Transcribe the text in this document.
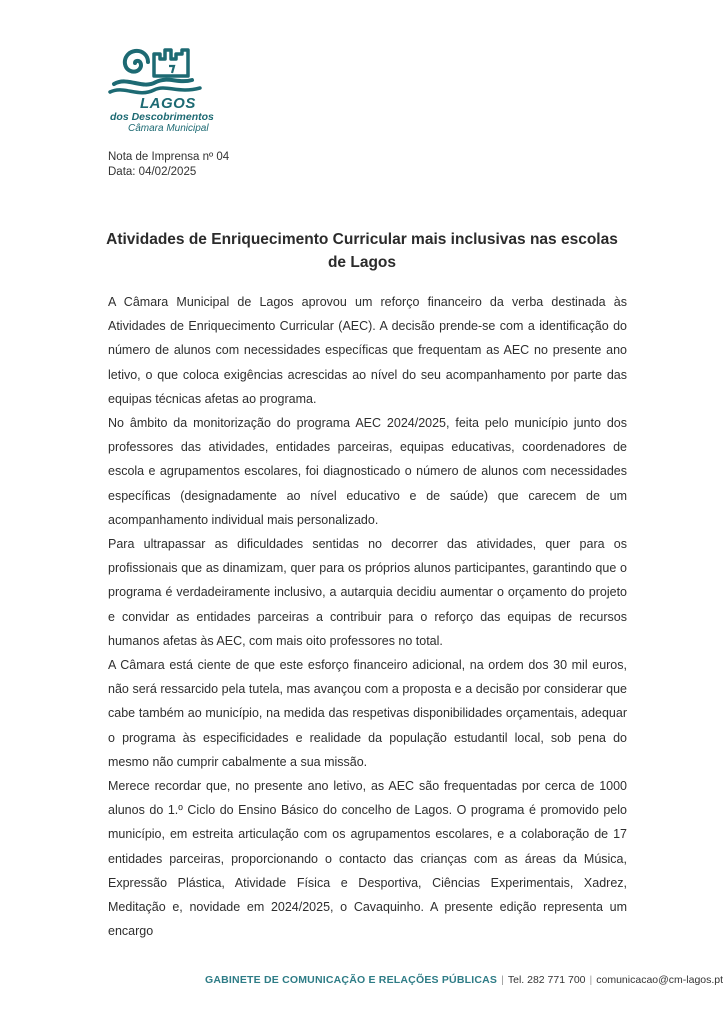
LAGOS
dos Descobrimentos
Câmara Municipal
Nota de Imprensa nº 04
Data: 04/02/2025
Atividades de Enriquecimento Curricular mais inclusivas nas escolas de Lagos

A Câmara Municipal de Lagos aprovou um reforço financeiro da verba destinada às Atividades de Enriquecimento Curricular (AEC). A decisão prende-se com a identificação do número de alunos com necessidades específicas que frequentam as AEC no presente ano letivo, o que coloca exigências acrescidas ao nível do seu acompanhamento por parte das equipas técnicas afetas ao programa.

No âmbito da monitorização do programa AEC 2024/2025, feita pelo município junto dos professores das atividades, entidades parceiras, equipas educativas, coordenadores de escola e agrupamentos escolares, foi diagnosticado o número de alunos com necessidades específicas (designadamente ao nível educativo e de saúde) que carecem de um acompanhamento individual mais personalizado.

Para ultrapassar as dificuldades sentidas no decorrer das atividades, quer para os profissionais que as dinamizam, quer para os próprios alunos participantes, garantindo que o programa é verdadeiramente inclusivo, a autarquia decidiu aumentar o orçamento do projeto e convidar as entidades parceiras a contribuir para o reforço das equipas de recursos humanos afetas às AEC, com mais oito professores no total.

A Câmara está ciente de que este esforço financeiro adicional, na ordem dos 30 mil euros, não será ressarcido pela tutela, mas avançou com a proposta e a decisão por considerar que cabe também ao município, na medida das respetivas disponibilidades orçamentais, adequar o programa às especificidades e realidade da população estudantil local, sob pena do mesmo não cumprir cabalmente a sua missão.

Merece recordar que, no presente ano letivo, as AEC são frequentadas por cerca de 1000 alunos do 1.º Ciclo do Ensino Básico do concelho de Lagos. O programa é promovido pelo município, em estreita articulação com os agrupamentos escolares, e a colaboração de 17 entidades parceiras, proporcionando o contacto das crianças com as áreas da Música, Expressão Plástica, Atividade Física e Desportiva, Ciências Experimentais, Xadrez, Meditação e, novidade em 2024/2025, o Cavaquinho. A presente edição representa um encargo

GABINETE DE COMUNICAÇÃO E RELAÇÕES PÚBLICAS | Tel. 282 771 700 | comunicacao@cm-lagos.pt
